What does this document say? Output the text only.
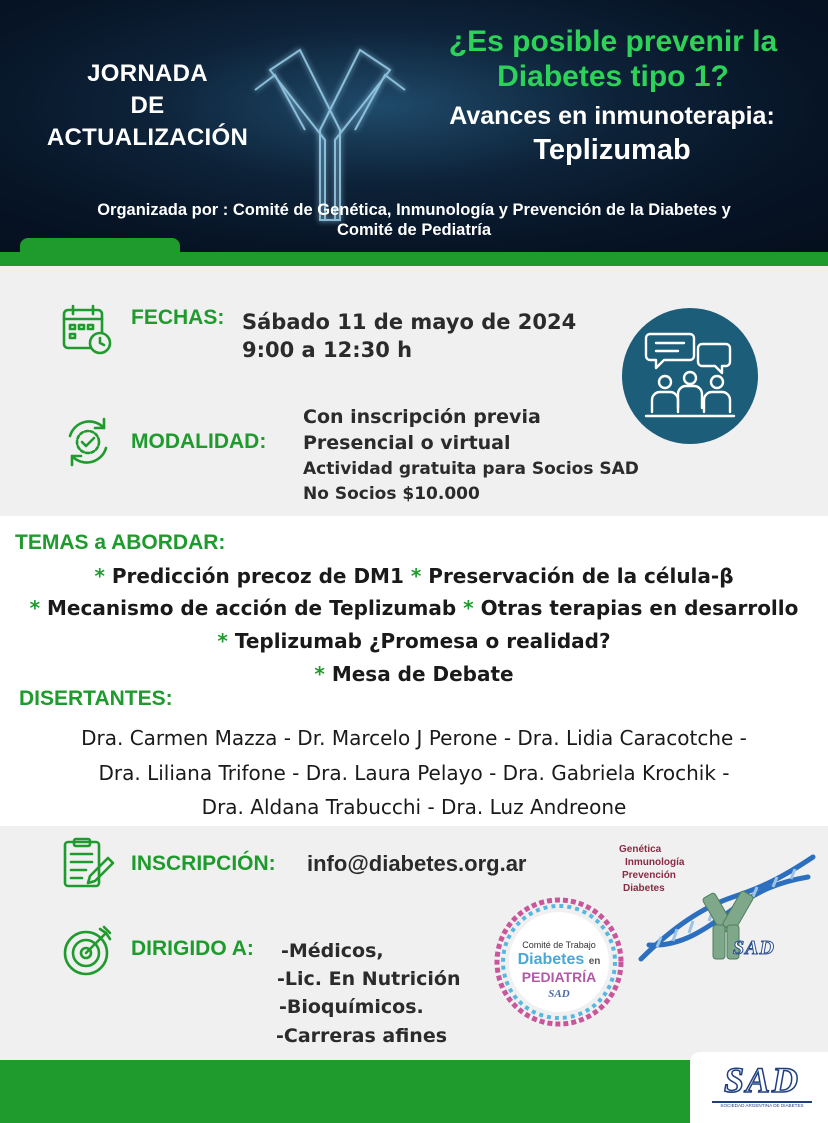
JORNADA
DE
ACTUALIZACIÓN
¿Es posible prevenir la
Diabetes tipo 1?
Avances en inmunoterapia:
Teplizumab
Organizada por : Comité de Genética, Inmunología y Prevención de la Diabetes y
Comité de Pediatría
FECHAS: Sábado 11 de mayo de 2024
9:00 a 12:30 h
MODALIDAD:
Con inscripción previa
Presencial o virtual
Actividad gratuita para Socios SAD
No Socios $10.000
TEMAS a ABORDAR:
* Predicción precoz de DM1 * Preservación de la célula-β
* Mecanismo de acción de Teplizumab * Otras terapias en desarrollo
* Teplizumab ¿Promesa o realidad?
* Mesa de Debate
DISERTANTES:
Dra. Carmen Mazza - Dr. Marcelo J Perone - Dra. Lidia Caracotche -
Dra. Liliana Trifone - Dra. Laura Pelayo - Dra. Gabriela Krochik -
Dra. Aldana Trabucchi - Dra. Luz Andreone
INSCRIPCIÓN: info@diabetes.org.ar
DIRIGIDO A: -Médicos,
-Lic. En Nutrición
-Bioquímicos.
-Carreras afines
Comité de Trabajo
Diabetes en
PEDIATRÍA
SAD
Genética
Inmunología
Prevención
Diabetes
SAD
SAD
SOCIEDAD ARGENTINA DE DIABETES
